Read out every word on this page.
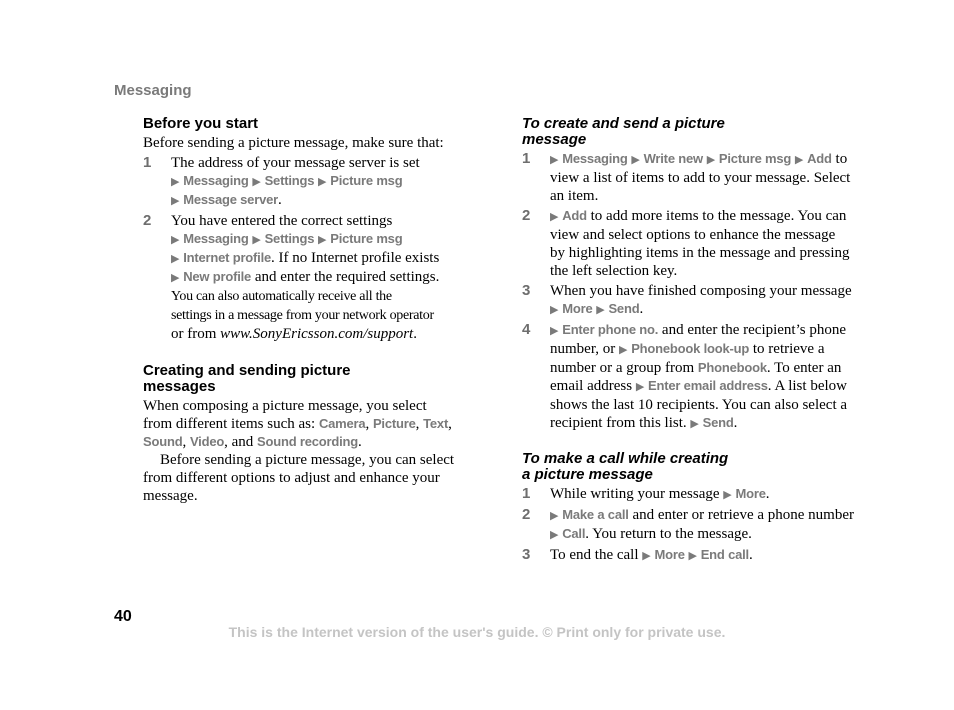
Messaging
Before you start

Before sending a picture message, make sure that:

1	The address of your message server is set
▶ Messaging ▶ Settings ▶ Picture msg
▶ Message server.
2	You have entered the correct settings
▶ Messaging ▶ Settings ▶ Picture msg
▶ Internet profile. If no Internet profile exists
▶ New profile and enter the required settings.
You can also automatically receive all the
settings in a message from your network operator
or from www.SonyEricsson.com/support.
Creating and sending picture
messages

When composing a picture message, you select
from different items such as: Camera, Picture, Text,
Sound, Video, and Sound recording.

Before sending a picture message, you can select from different options to adjust and enhance your message.

To create and send a picture
message
1	▶ Messaging ▶ Write new ▶ Picture msg ▶ Add to view a list of items to add to your message. Select an item.
2	▶ Add to add more items to the message. You can view and select options to enhance the message by highlighting items in the message and pressing the left selection key.
3	When you have finished composing your message ▶ More ▶ Send.
4	▶ Enter phone no. and enter the recipient’s phone number, or ▶ Phonebook look-up to retrieve a number or a group from Phonebook. To enter an email address ▶ Enter email address. A list below shows the last 10 recipients. You can also select a recipient from this list. ▶ Send.
To make a call while creating
a picture message
1	While writing your message ▶ More.
2	▶ Make a call and enter or retrieve a phone number ▶ Call. You return to the message.
3	To end the call ▶ More ▶ End call.
40
This is the Internet version of the user's guide. © Print only for private use.
